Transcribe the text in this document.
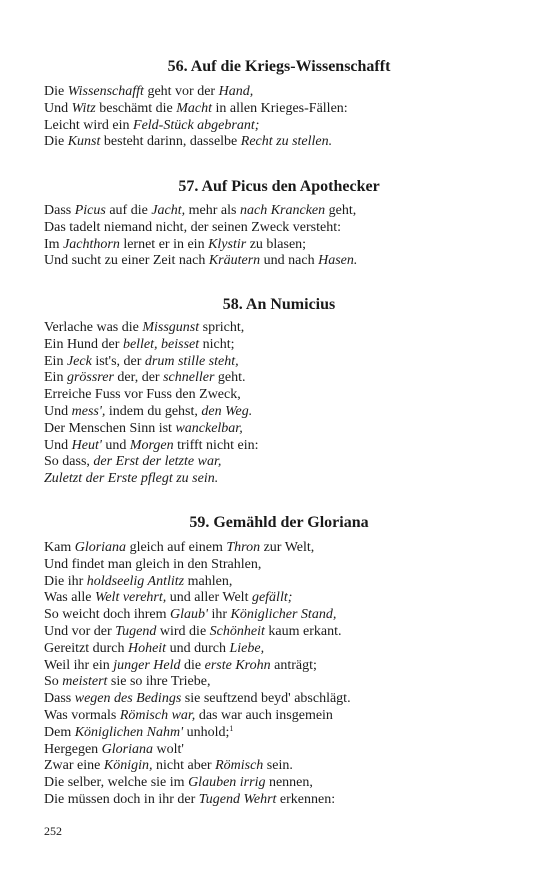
56. Auf die Kriegs-Wissenschafft
Die Wissenschafft geht vor der Hand,
Und Witz beschämt die Macht in allen Krieges-Fällen:
Leicht wird ein Feld-Stück abgebrant;
Die Kunst besteht darinn, dasselbe Recht zu stellen.
57. Auf Picus den Apothecker
Dass Picus auf die Jacht, mehr als nach Krancken geht,
Das tadelt niemand nicht, der seinen Zweck versteht:
Im Jachthorn lernet er in ein Klystir zu blasen;
Und sucht zu einer Zeit nach Kräutern und nach Hasen.
58. An Numicius
Verlache was die Missgunst spricht,
Ein Hund der bellet, beisset nicht;
Ein Jeck ist's, der drum stille steht,
Ein grössrer der, der schneller geht.
Erreiche Fuss vor Fuss den Zweck,
Und mess', indem du gehst, den Weg.
Der Menschen Sinn ist wanckelbar,
Und Heut' und Morgen trifft nicht ein:
So dass, der Erst der letzte war,
Zuletzt der Erste pflegt zu sein.
59. Gemähld der Gloriana
Kam Gloriana gleich auf einem Thron zur Welt,
Und findet man gleich in den Strahlen,
Die ihr holdseelig Antlitz mahlen,
Was alle Welt verehrt, und aller Welt gefällt;
So weicht doch ihrem Glaub' ihr Königlicher Stand,
Und vor der Tugend wird die Schönheit kaum erkant.
Gereitzt durch Hoheit und durch Liebe,
Weil ihr ein junger Held die erste Krohn anträgt;
So meistert sie so ihre Triebe,
Dass wegen des Bedings sie seuftzend beyd' abschlägt.
Was vormals Römisch war, das war auch insgemein
Dem Königlichen Nahm' unhold;$^1$
Hergegen Gloriana wolt'
Zwar eine Königin, nicht aber Römisch sein.
Die selber, welche sie im Glauben irrig nennen,
Die müssen doch in ihr der Tugend Wehrt erkennen:
252
